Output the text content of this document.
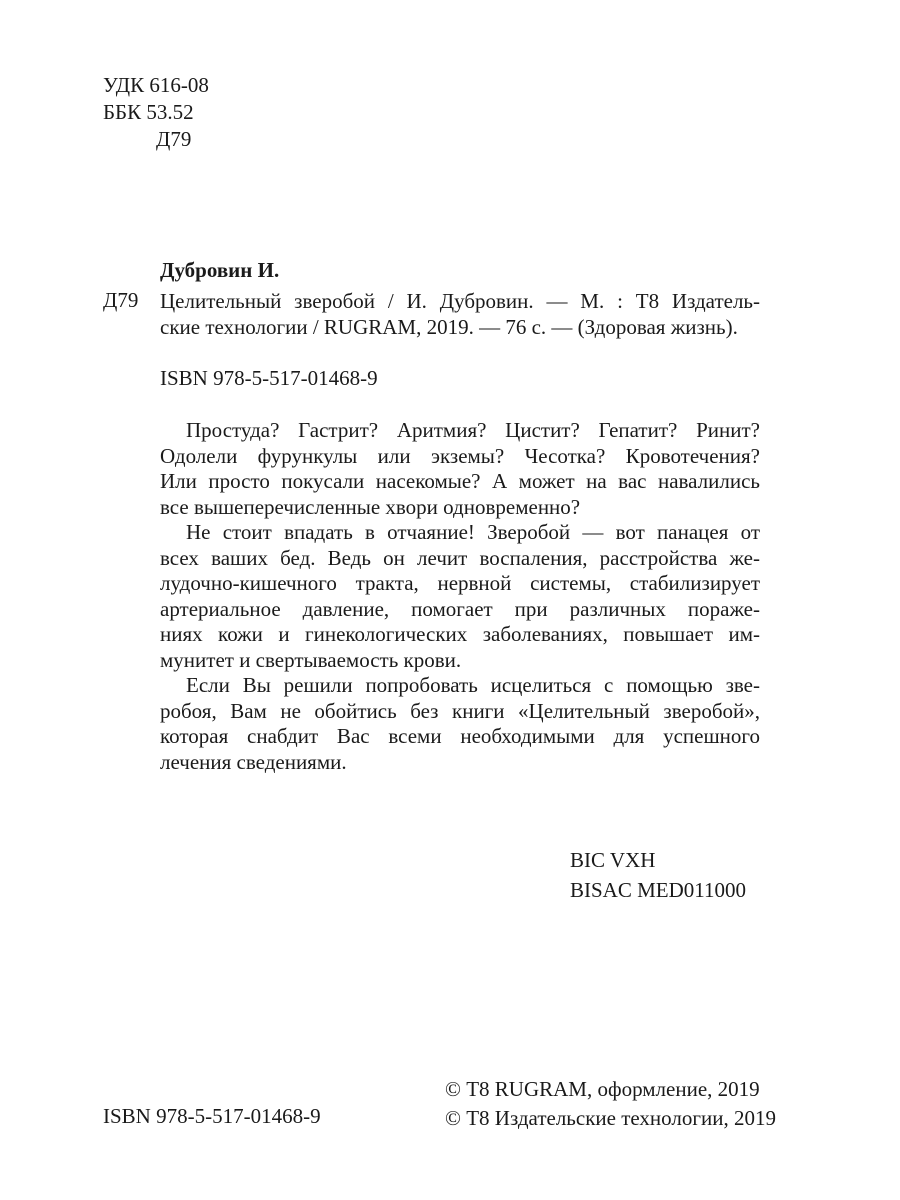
УДК 616-08
ББК 53.52
Д79

Дубровин И.

Д79 Целительный зверобой / И. Дубровин. — М. : Т8 Издатель-
ские технологии / RUGRAM, 2019. — 76 с. — (Здоровая жизнь).

ISBN 978-5-517-01468-9

Простуда? Гастрит? Аритмия? Цистит? Гепатит? Ринит?
Одолели фурункулы или экземы? Чесотка? Кровотечения?
Или просто покусали насекомые? А может на вас навалились
все вышеперечисленные хвори одновременно?
Не стоит впадать в отчаяние! Зверобой — вот панацея от
всех ваших бед. Ведь он лечит воспаления, расстройства же-
лудочно-кишечного тракта, нервной системы, стабилизирует
артериальное давление, помогает при различных пораже-
ниях кожи и гинекологических заболеваниях, повышает им-
мунитет и свертываемость крови.
Если Вы решили попробовать исцелиться с помощью зве-
робоя, Вам не обойтись без книги «Целительный зверобой»,
которая снабдит Вас всеми необходимыми для успешного
лечения сведениями.
BIC VXH
BISAC MED011000

ISBN 978-5-517-01468-9

© Т8 RUGRAM, оформление, 2019
© Т8 Издательские технологии, 2019
